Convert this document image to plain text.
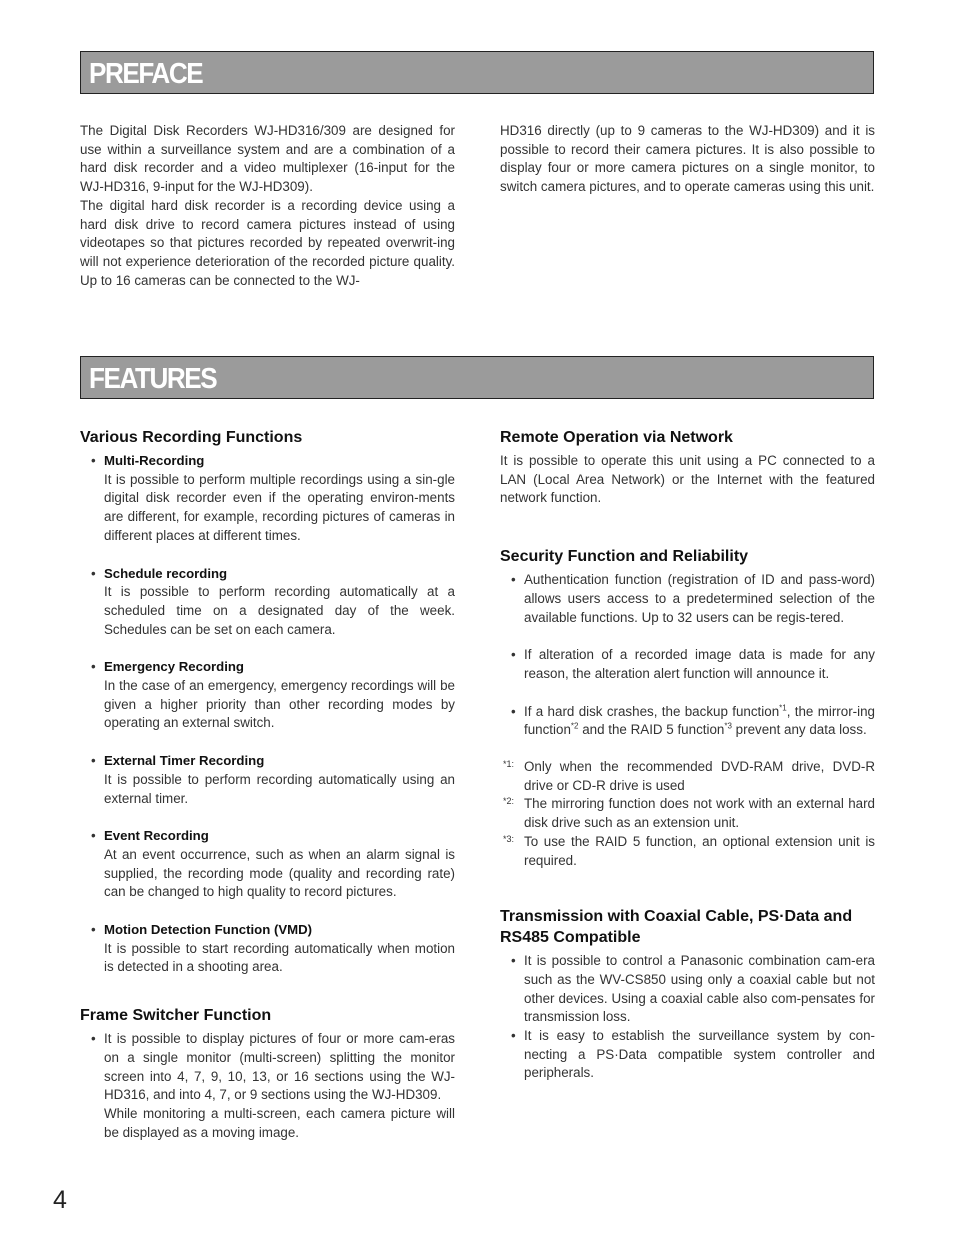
PREFACE

The Digital Disk Recorders WJ-HD316/309 are designed for use within a surveillance system and are a combination of a hard disk recorder and a video multiplexer (16-input for the WJ-HD316, 9-input for the WJ-HD309).

The digital hard disk recorder is a recording device using a hard disk drive to record camera pictures instead of using videotapes so that pictures recorded by repeated overwrit-ing will not experience deterioration of the recorded picture quality. Up to 16 cameras can be connected to the WJ-

HD316 directly (up to 9 cameras to the WJ-HD309) and it is possible to record their camera pictures. It is also possible to display four or more camera pictures on a single monitor, to switch camera pictures, and to operate cameras using this unit.

FEATURES
Various Recording Functions
• Multi-Recording
It is possible to perform multiple recordings using a sin-gle digital disk recorder even if the operating environ-ments are different, for example, recording pictures of cameras in different places at different times.
• Schedule recording
It is possible to perform recording automatically at a scheduled time on a designated day of the week. Schedules can be set on each camera.
• Emergency Recording
In the case of an emergency, emergency recordings will be given a higher priority than other recording modes by operating an external switch.
• External Timer Recording
It is possible to perform recording automatically using an external timer.
• Event Recording
At an event occurrence, such as when an alarm signal is supplied, the recording mode (quality and recording rate) can be changed to high quality to record pictures.
• Motion Detection Function (VMD)
It is possible to start recording automatically when motion is detected in a shooting area.
Frame Switcher Function
• It is possible to display pictures of four or more cam-eras on a single monitor (multi-screen) splitting the monitor screen into 4, 7, 9, 10, 13, or 16 sections using the WJ-HD316, and into 4, 7, or 9 sections using the WJ-HD309.
While monitoring a multi-screen, each camera picture will be displayed as a moving image.
Remote Operation via Network

It is possible to operate this unit using a PC connected to a LAN (Local Area Network) or the Internet with the featured network function.

Security Function and Reliability
• Authentication function (registration of ID and pass-word) allows users access to a predetermined selection of the available functions. Up to 32 users can be regis-tered.
• If alteration of a recorded image data is made for any reason, the alteration alert function will announce it.
• If a hard disk crashes, the backup function$^{*1}$, the mirror-ing function$^{*2}$ and the RAID 5 function$^{*3}$ prevent any data loss.
*1: Only when the recommended DVD-RAM drive, DVD-R drive or CD-R drive is used
*2: The mirroring function does not work with an external hard disk drive such as an extension unit.
*3: To use the RAID 5 function, an optional extension unit is required.
Transmission with Coaxial Cable, PS·Data and RS485 Compatible
• It is possible to control a Panasonic combination cam-era such as the WV-CS850 using only a coaxial cable but not other devices. Using a coaxial cable also com-pensates for transmission loss.
• It is easy to establish the surveillance system by con-necting a PS·Data compatible system controller and peripherals.
4
